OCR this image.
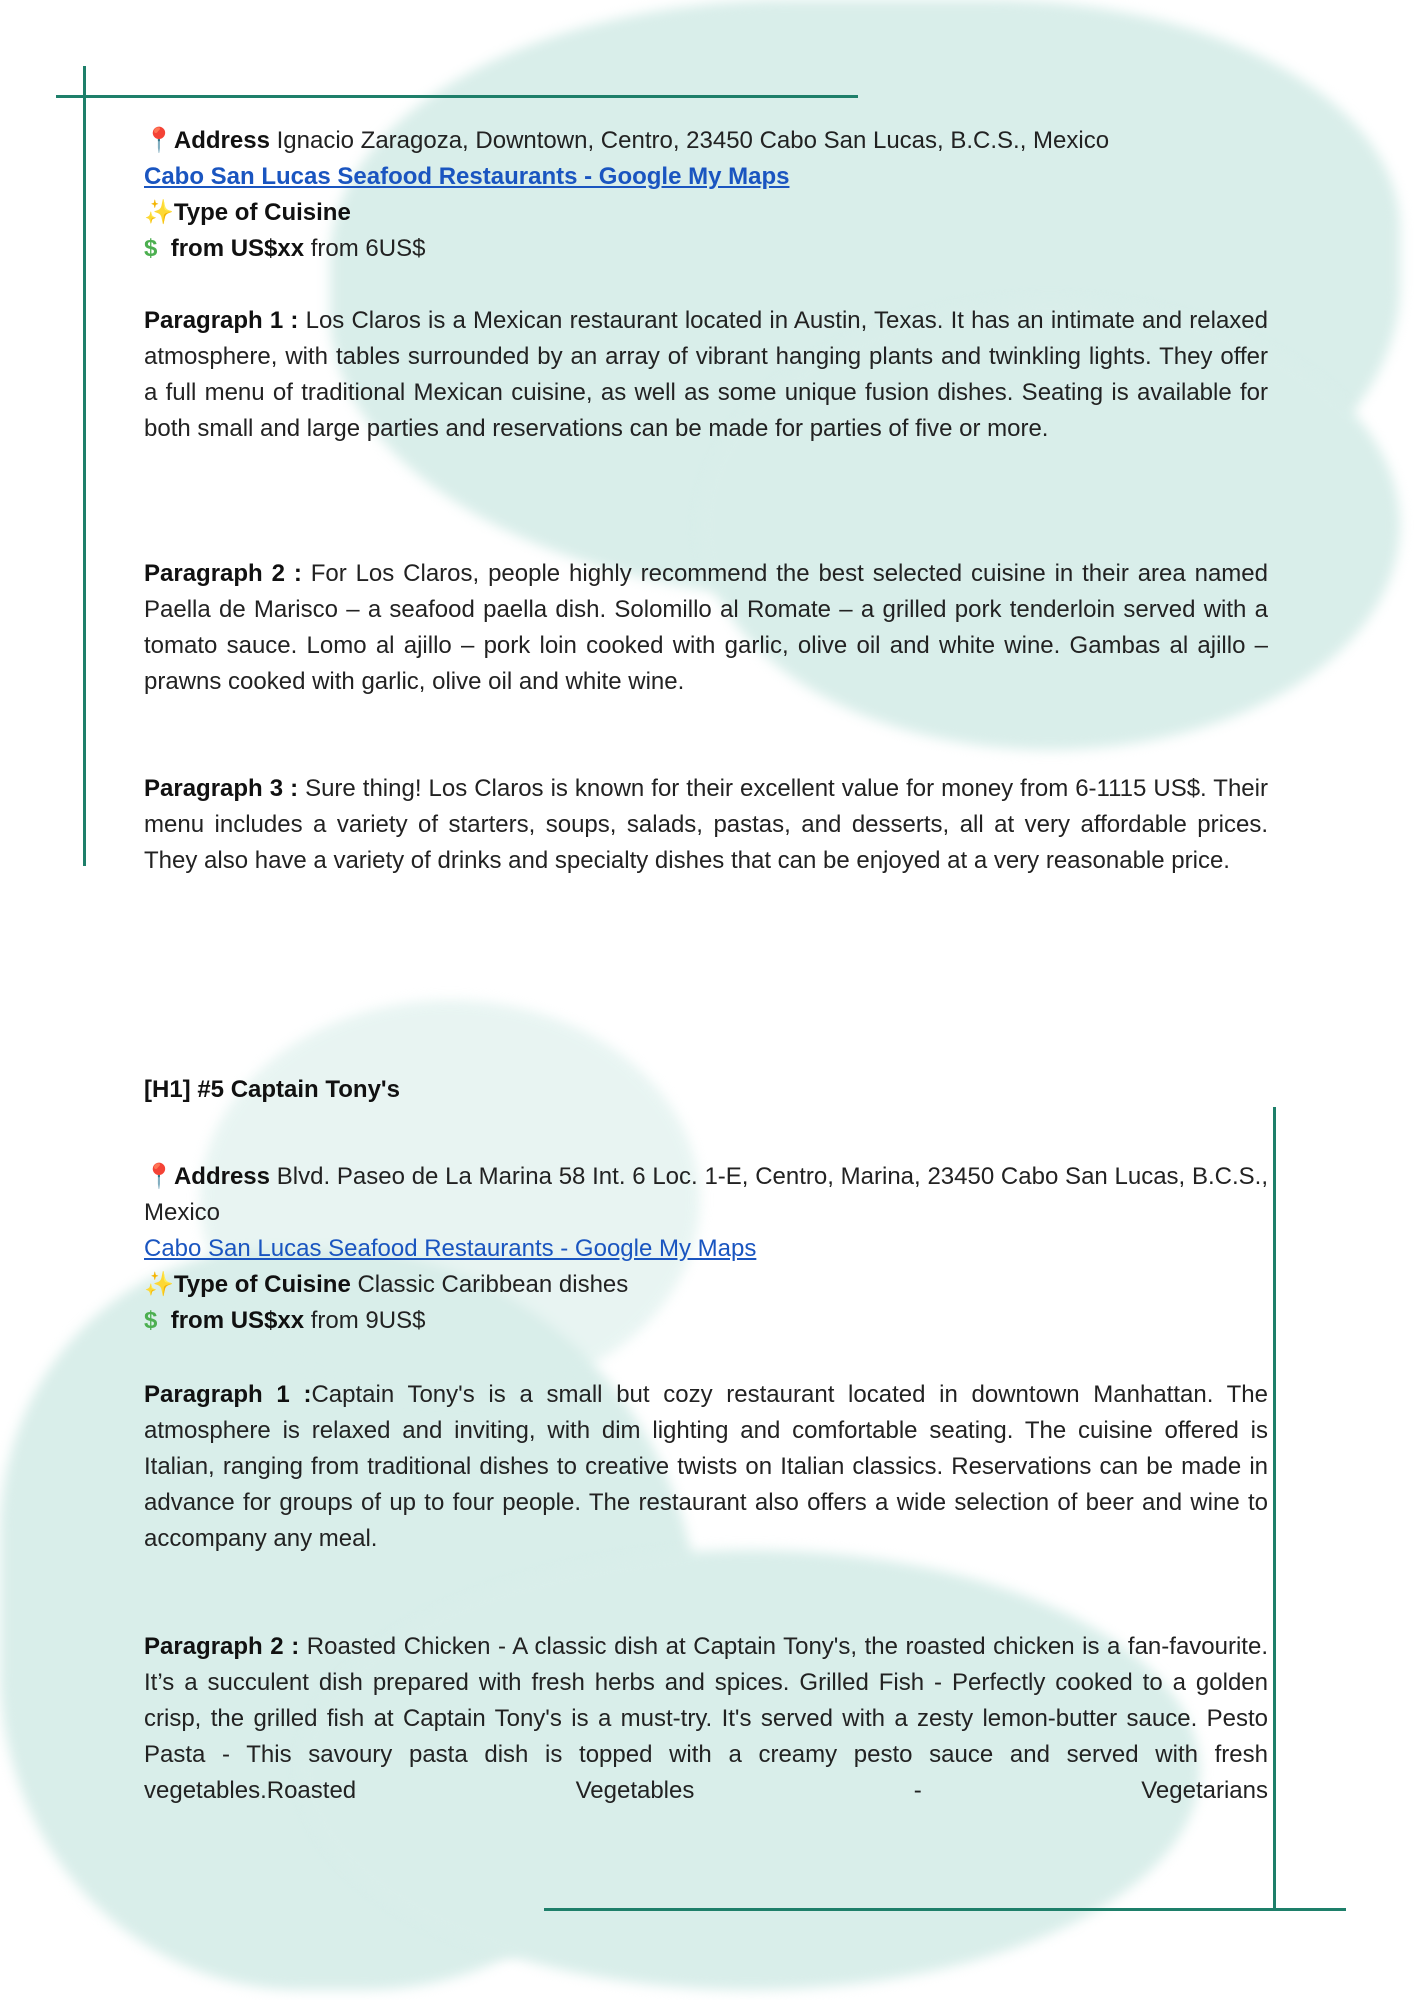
📍Address Ignacio Zaragoza, Downtown, Centro, 23450 Cabo San Lucas, B.C.S., Mexico
Cabo San Lucas Seafood Restaurants - Google My Maps
✨Type of Cuisine
$ from US$xx from 6US$

Paragraph 1 : Los Claros is a Mexican restaurant located in Austin, Texas. It has an intimate and relaxed atmosphere, with tables surrounded by an array of vibrant hanging plants and twinkling lights. They offer a full menu of traditional Mexican cuisine, as well as some unique fusion dishes. Seating is available for both small and large parties and reservations can be made for parties of five or more.

Paragraph 2 : For Los Claros, people highly recommend the best selected cuisine in their area named Paella de Marisco – a seafood paella dish. Solomillo al Romate – a grilled pork tenderloin served with a tomato sauce. Lomo al ajillo – pork loin cooked with garlic, olive oil and white wine. Gambas al ajillo – prawns cooked with garlic, olive oil and white wine.

Paragraph 3 : Sure thing! Los Claros is known for their excellent value for money from 6-1115 US$. Their menu includes a variety of starters, soups, salads, pastas, and desserts, all at very affordable prices. They also have a variety of drinks and specialty dishes that can be enjoyed at a very reasonable price.

[H1] #5 Captain Tony's
📍Address Blvd. Paseo de La Marina 58 Int. 6 Loc. 1-E, Centro, Marina, 23450 Cabo San Lucas, B.C.S., Mexico
Cabo San Lucas Seafood Restaurants - Google My Maps
✨Type of Cuisine Classic Caribbean dishes
$ from US$xx from 9US$

Paragraph 1 :Captain Tony's is a small but cozy restaurant located in downtown Manhattan. The atmosphere is relaxed and inviting, with dim lighting and comfortable seating. The cuisine offered is Italian, ranging from traditional dishes to creative twists on Italian classics. Reservations can be made in advance for groups of up to four people. The restaurant also offers a wide selection of beer and wine to accompany any meal.

Paragraph 2 : Roasted Chicken - A classic dish at Captain Tony's, the roasted chicken is a fan-favourite. It’s a succulent dish prepared with fresh herbs and spices. Grilled Fish - Perfectly cooked to a golden crisp, the grilled fish at Captain Tony's is a must-try. It's served with a zesty lemon-butter sauce. Pesto Pasta - This savoury pasta dish is topped with a creamy pesto sauce and served with fresh vegetables.Roasted Vegetables - Vegetarians
